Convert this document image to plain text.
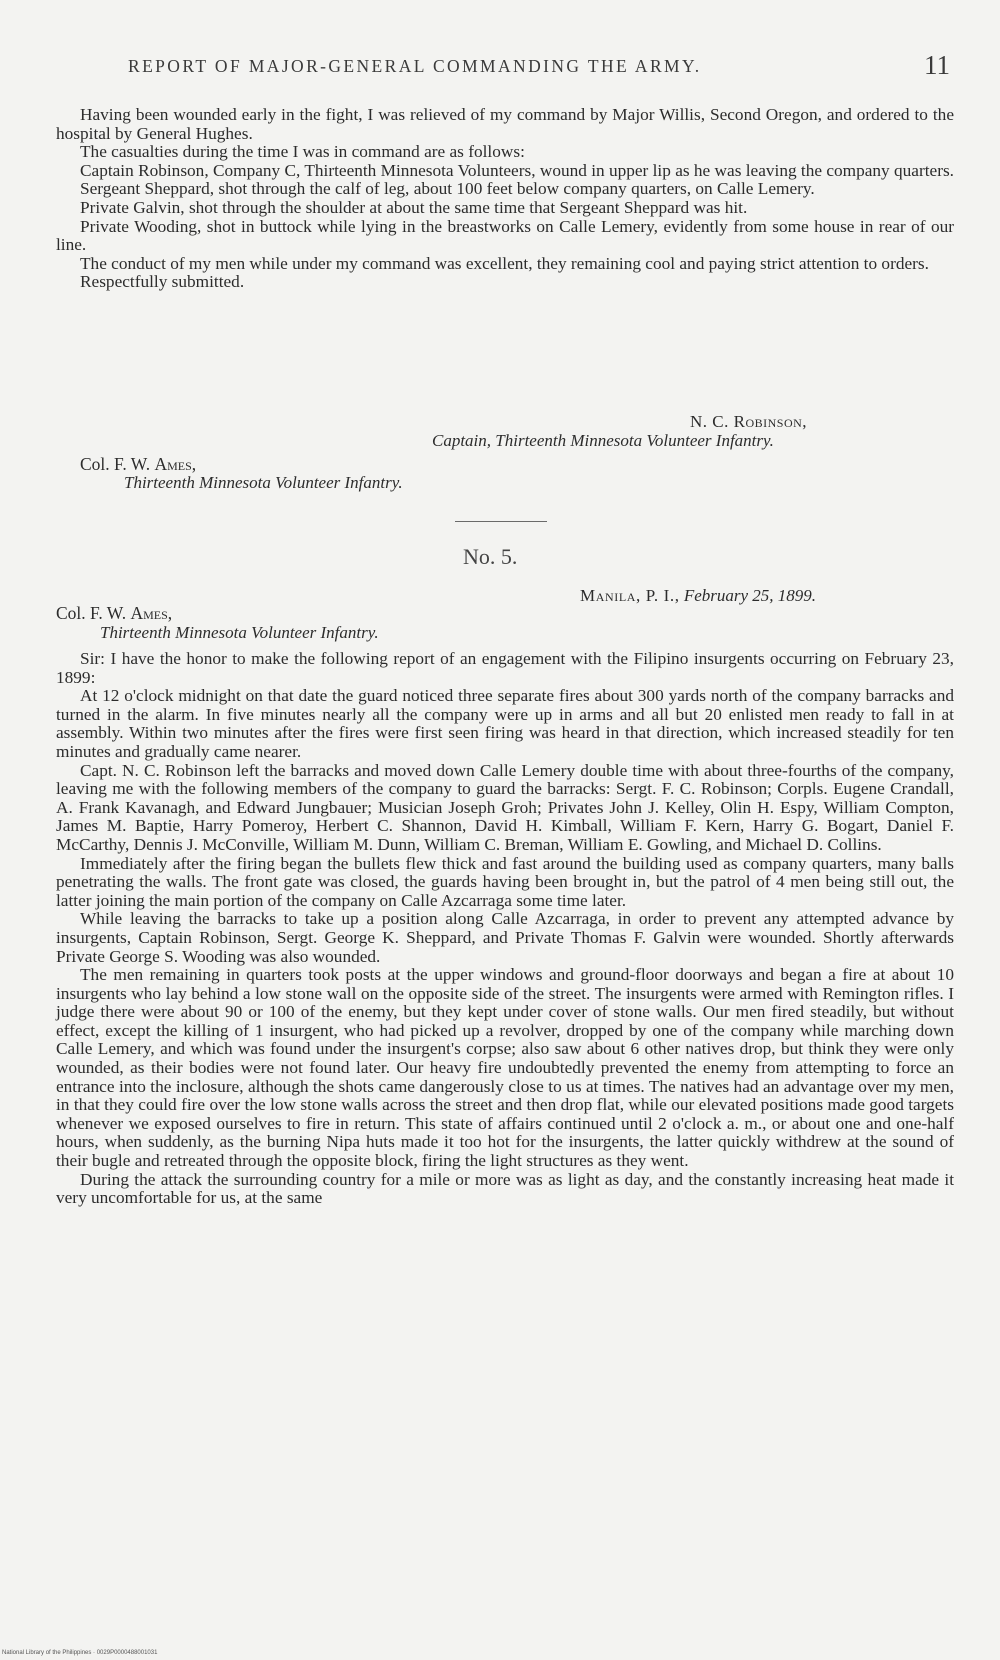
REPORT OF MAJOR-GENERAL COMMANDING THE ARMY.	11

Having been wounded early in the fight, I was relieved of my command by Major Willis, Second Oregon, and ordered to the hospital by General Hughes.

The casualties during the time I was in command are as follows:

Captain Robinson, Company C, Thirteenth Minnesota Volunteers, wound in upper lip as he was leaving the company quarters.

Sergeant Sheppard, shot through the calf of leg, about 100 feet below company quarters, on Calle Lemery.

Private Galvin, shot through the shoulder at about the same time that Sergeant Sheppard was hit.

Private Wooding, shot in buttock while lying in the breastworks on Calle Lemery, evidently from some house in rear of our line.

The conduct of my men while under my command was excellent, they remaining cool and paying strict attention to orders.

Respectfully submitted.

N. C. Robinson,
Captain, Thirteenth Minnesota Volunteer Infantry.
Col. F. W. Ames,
Thirteenth Minnesota Volunteer Infantry.
No. 5.
Manila, P. I., February 25, 1899.
Col. F. W. Ames,
Thirteenth Minnesota Volunteer Infantry.

Sir: I have the honor to make the following report of an engagement with the Filipino insurgents occurring on February 23, 1899:

At 12 o'clock midnight on that date the guard noticed three separate fires about 300 yards north of the company barracks and turned in the alarm. In five minutes nearly all the company were up in arms and all but 20 enlisted men ready to fall in at assembly. Within two minutes after the fires were first seen firing was heard in that direction, which increased steadily for ten minutes and gradually came nearer.

Capt. N. C. Robinson left the barracks and moved down Calle Lemery double time with about three-fourths of the company, leaving me with the following members of the company to guard the barracks: Sergt. F. C. Robinson; Corpls. Eugene Crandall, A. Frank Kavanagh, and Edward Jungbauer; Musician Joseph Groh; Privates John J. Kelley, Olin H. Espy, William Compton, James M. Baptie, Harry Pomeroy, Herbert C. Shannon, David H. Kimball, William F. Kern, Harry G. Bogart, Daniel F. McCarthy, Dennis J. McConville, William M. Dunn, William C. Breman, William E. Gowling, and Michael D. Collins.

Immediately after the firing began the bullets flew thick and fast around the building used as company quarters, many balls penetrating the walls. The front gate was closed, the guards having been brought in, but the patrol of 4 men being still out, the latter joining the main portion of the company on Calle Azcarraga some time later.

While leaving the barracks to take up a position along Calle Azcarraga, in order to prevent any attempted advance by insurgents, Captain Robinson, Sergt. George K. Sheppard, and Private Thomas F. Galvin were wounded. Shortly afterwards Private George S. Wooding was also wounded.

The men remaining in quarters took posts at the upper windows and ground-floor doorways and began a fire at about 10 insurgents who lay behind a low stone wall on the opposite side of the street. The insurgents were armed with Remington rifles. I judge there were about 90 or 100 of the enemy, but they kept under cover of stone walls. Our men fired steadily, but without effect, except the killing of 1 insurgent, who had picked up a revolver, dropped by one of the company while marching down Calle Lemery, and which was found under the insurgent's corpse; also saw about 6 other natives drop, but think they were only wounded, as their bodies were not found later. Our heavy fire undoubtedly prevented the enemy from attempting to force an entrance into the inclosure, although the shots came dangerously close to us at times. The natives had an advantage over my men, in that they could fire over the low stone walls across the street and then drop flat, while our elevated positions made good targets whenever we exposed ourselves to fire in return. This state of affairs continued until 2 o'clock a. m., or about one and one-half hours, when suddenly, as the burning Nipa huts made it too hot for the insurgents, the latter quickly withdrew at the sound of their bugle and retreated through the opposite block, firing the light structures as they went.

During the attack the surrounding country for a mile or more was as light as day, and the constantly increasing heat made it very uncomfortable for us, at the same

National Library of the Philippines · 0029P0000488001031
